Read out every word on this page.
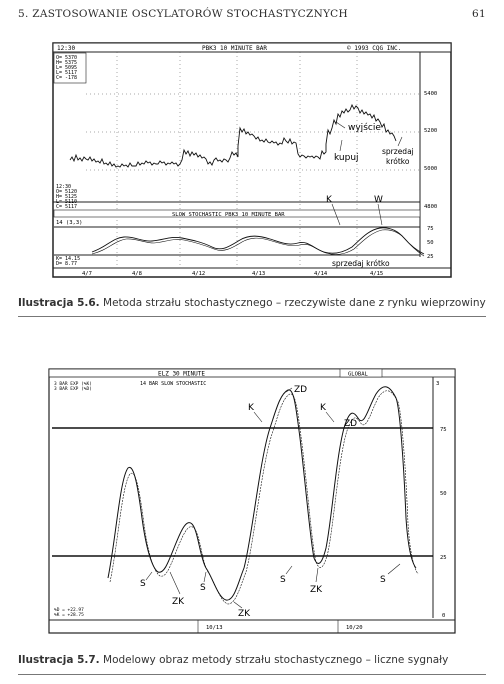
5. ZASTOSOWANIE OSCYLATORÓW STOCHASTYCZNYCH	61
12:30	PBK3 10 MINUTE BAR	© 1993 CQG INC.
O= 5370
H= 5375
L= 5095
L= 5117
C= -178
5400
5200
5000
4800
wyjście
kupuj
sprzedaj
krótko
12:30
O= 5120
H= 5125
L= 5110
C= 5117
SLOW STOCHASTIC PBK3 10 MINUTE BAR
14 (3,3)
75
50
25
K	W
sprzedaj krótko
K= 14.15
D= 8.77
4/7	4/8	4/12	4/13	4/14	4/15
Ilustracja 5.6. Metoda strzału stochastycznego – rzeczywiste dane z rynku wieprzowiny
ELZ 30 MINUTE	GLOBAL
3 BAR EXP (%K)
3 BAR EXP (%D)
14 BAR SLOW STOCHASTIC	3
75
50
25
0
ZD
K	K
ZD
S	S
S	S
ZK
ZK
ZK
%D = +22.97
%K = +28.75
10/13	10/20
Ilustracja 5.7. Modelowy obraz metody strzału stochastycznego – liczne sygnały
